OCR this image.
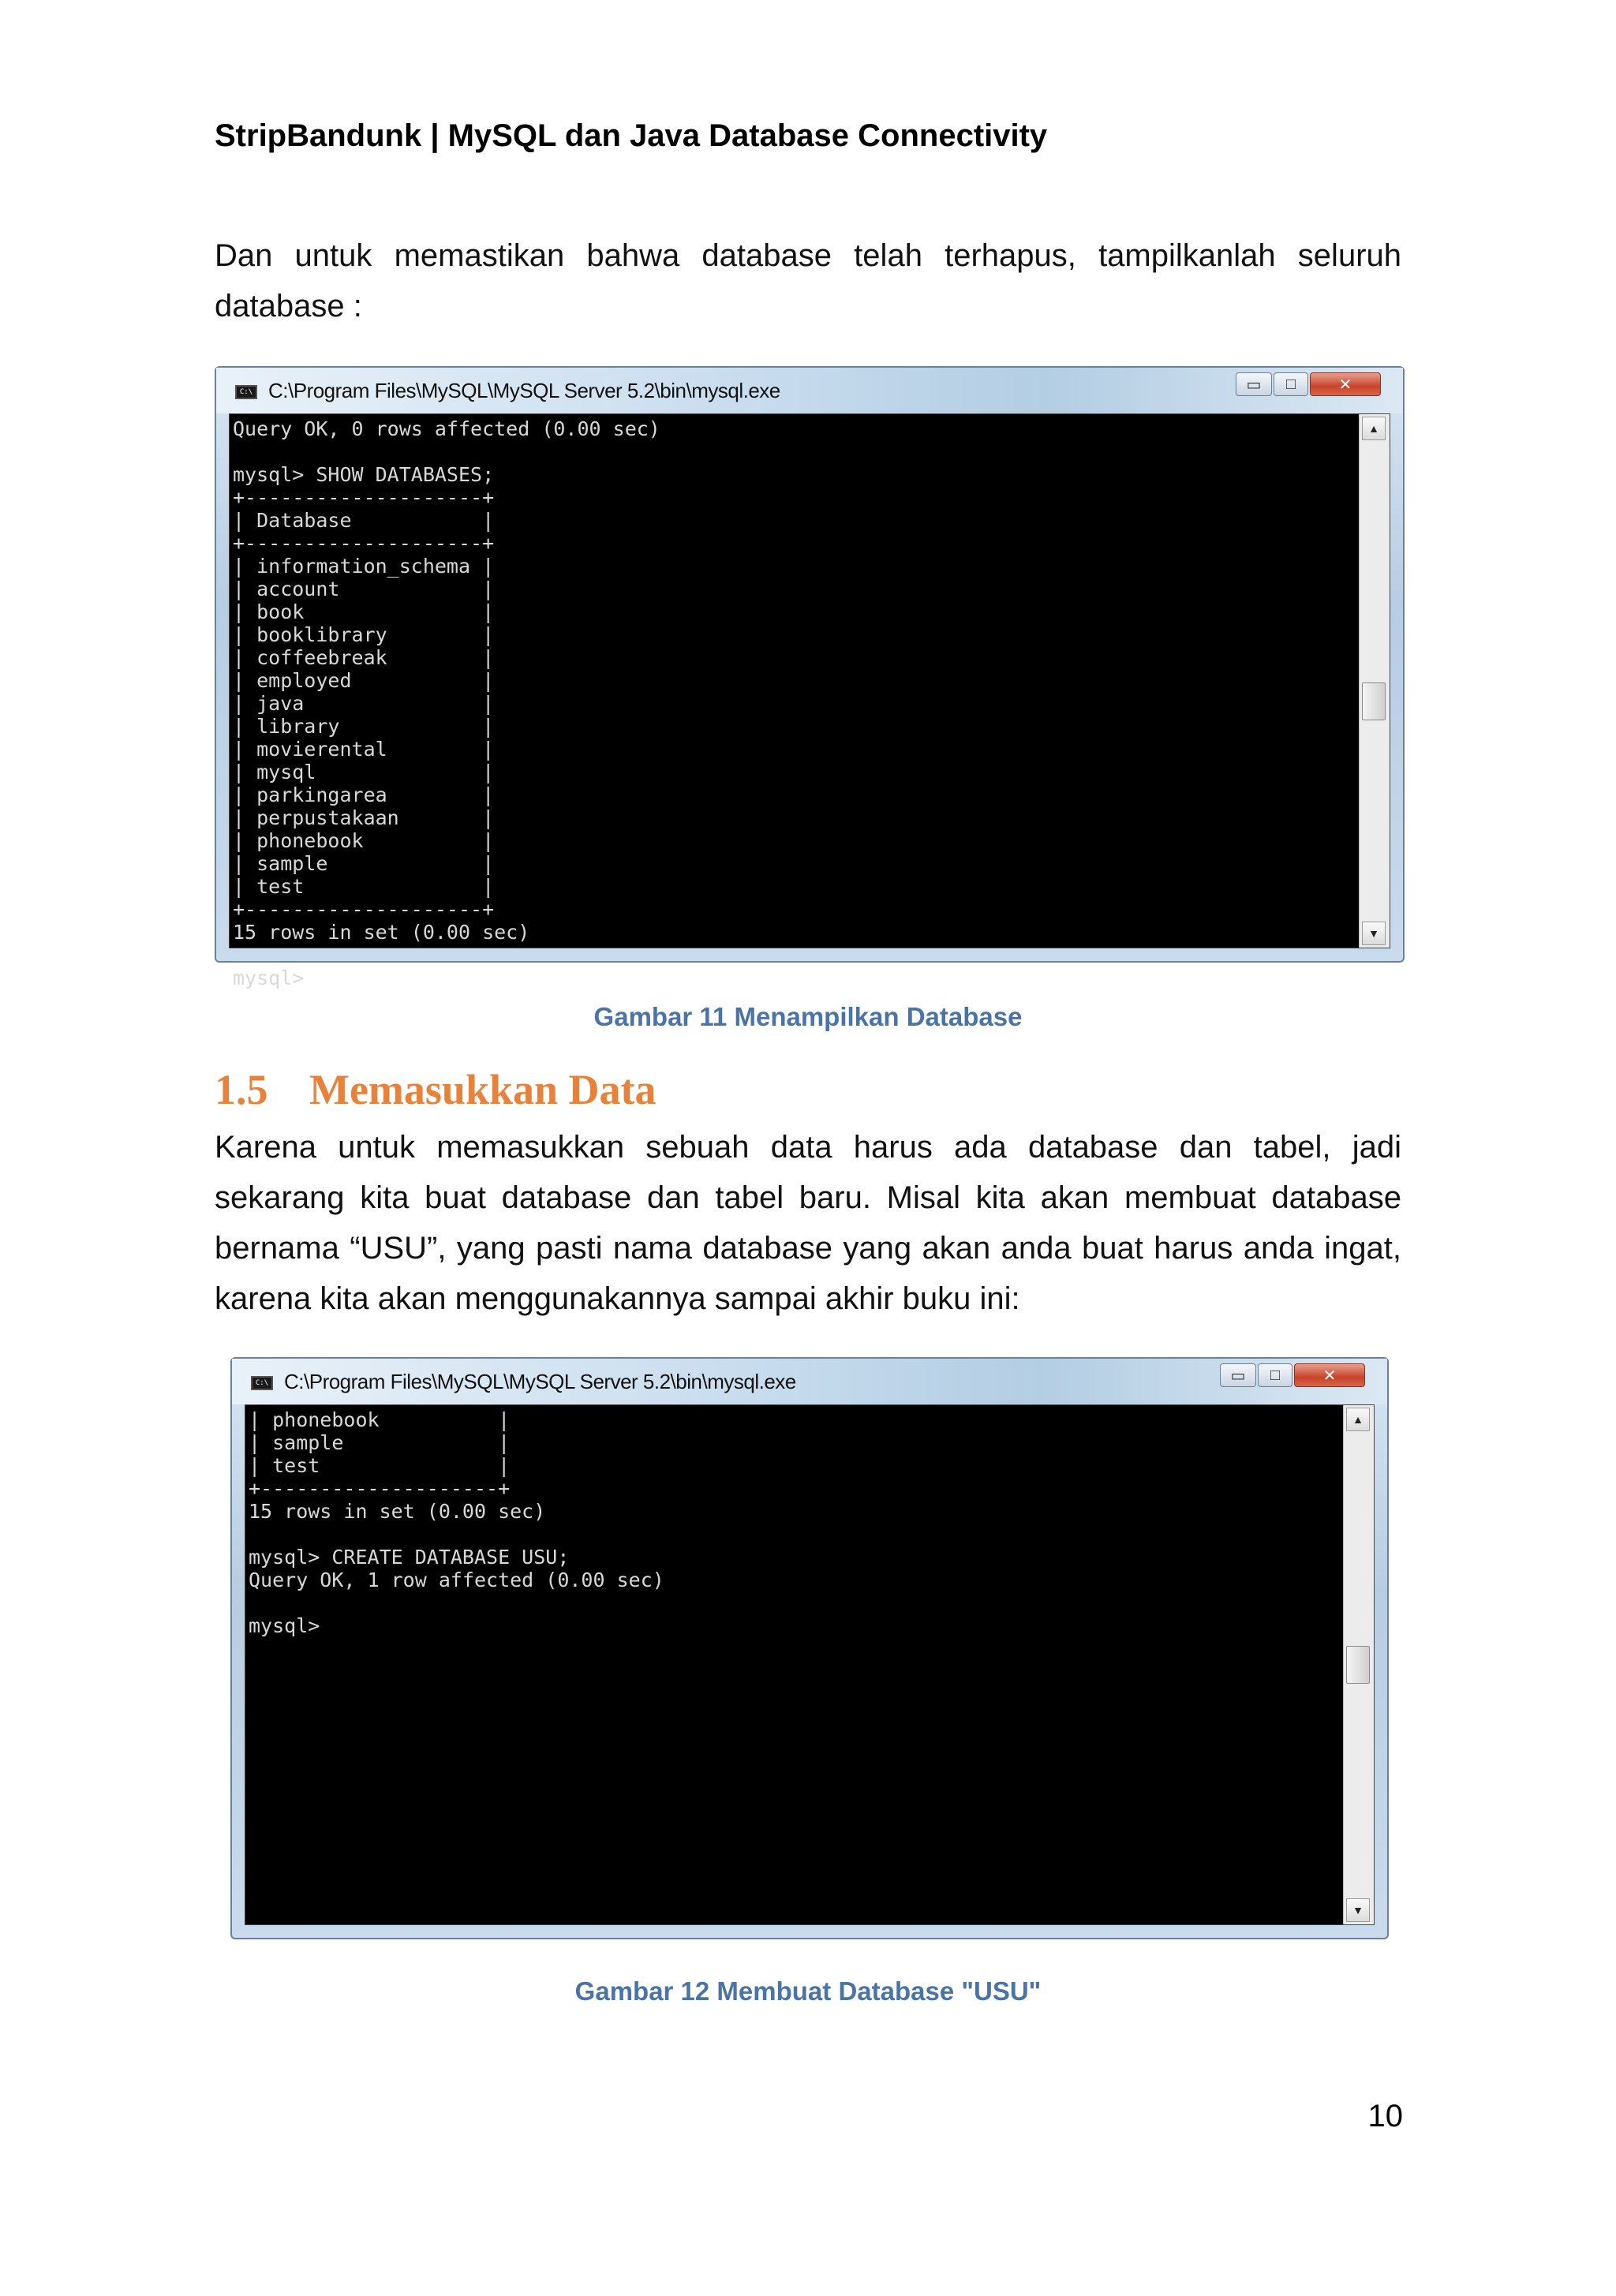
StripBandunk | MySQL dan Java Database Connectivity
Dan untuk memastikan bahwa database telah terhapus, tampilkanlah seluruh database :
C:\ C:\Program Files\MySQL\MySQL Server 5.2\bin\mysql.exe	▭	□	✕
Query OK, 0 rows affected (0.00 sec)

mysql> SHOW DATABASES;
+--------------------+
| Database           |
+--------------------+
| information_schema |
| account            |
| book               |
| booklibrary        |
| coffeebreak        |
| employed           |
| java               |
| library            |
| movierental        |
| mysql              |
| parkingarea        |
| perpustakaan       |
| phonebook          |
| sample             |
| test               |
+--------------------+
15 rows in set (0.00 sec)

mysql>
▲
▼
Gambar 11 Menampilkan Database
1.5 Memasukkan Data
Karena untuk memasukkan sebuah data harus ada database dan tabel, jadi sekarang kita buat database dan tabel baru. Misal kita akan membuat database bernama “USU”, yang pasti nama database yang akan anda buat harus anda ingat, karena kita akan menggunakannya sampai akhir buku ini:
C:\ C:\Program Files\MySQL\MySQL Server 5.2\bin\mysql.exe	▭	□	✕
| phonebook          |
| sample             |
| test               |
+--------------------+
15 rows in set (0.00 sec)

mysql> CREATE DATABASE USU;
Query OK, 1 row affected (0.00 sec)

mysql>
▲
▼
Gambar 12 Membuat Database "USU"
10
